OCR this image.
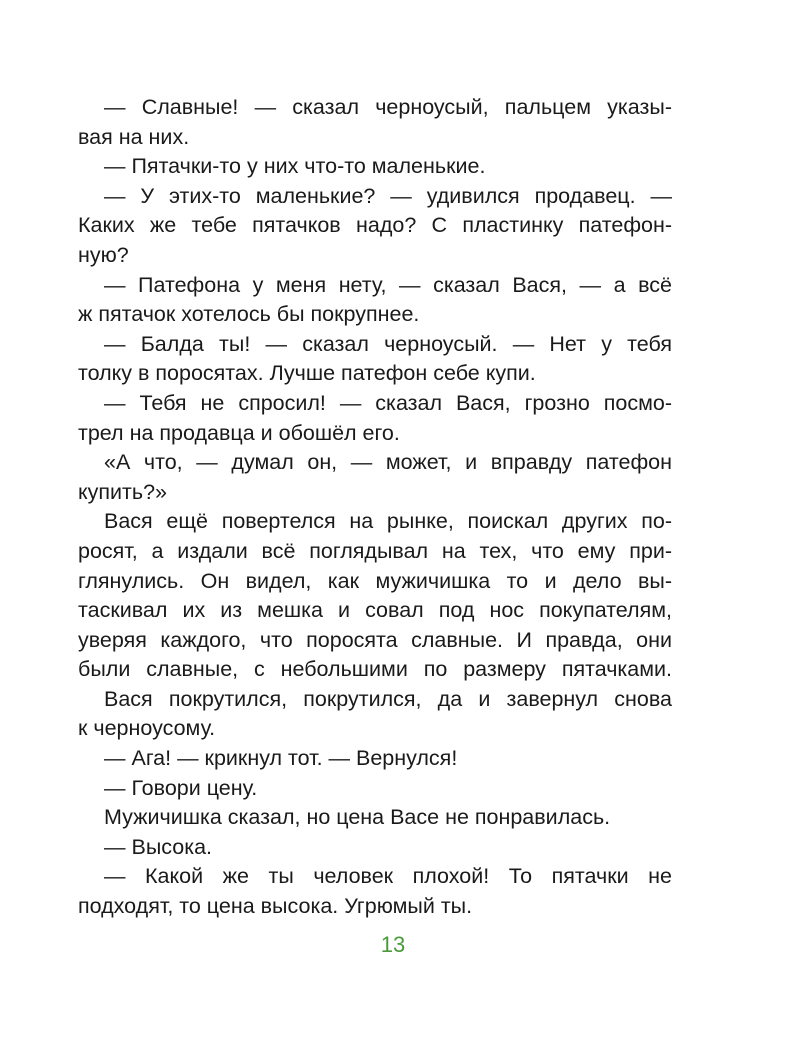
— Славные! — сказал черноусый, пальцем указы-
вая на них.
— Пятачки-то у них что-то маленькие.
— У этих-то маленькие? — удивился продавец. —
Каких же тебе пятачков надо? С пластинку патефон-
ную?
— Патефона у меня нету, — сказал Вася, — а всё
ж пятачок хотелось бы покрупнее.
— Балда ты! — сказал черноусый. — Нет у тебя
толку в поросятах. Лучше патефон себе купи.
— Тебя не спросил! — сказал Вася, грозно посмо-
трел на продавца и обошёл его.
«А что, — думал он, — может, и вправду патефон
купить?»
Вася ещё повертелся на рынке, поискал других по-
росят, а издали всё поглядывал на тех, что ему при-
глянулись. Он видел, как мужичишка то и дело вы-
таскивал их из мешка и совал под нос покупателям,
уверяя каждого, что поросята славные. И правда, они
были славные, с небольшими по размеру пятачками.
Вася покрутился, покрутился, да и завернул снова
к черноусому.
— Ага! — крикнул тот. — Вернулся!
— Говори цену.
Мужичишка сказал, но цена Васе не понравилась.
— Высока.
— Какой же ты человек плохой! То пятачки не
подходят, то цена высока. Угрюмый ты.
13
